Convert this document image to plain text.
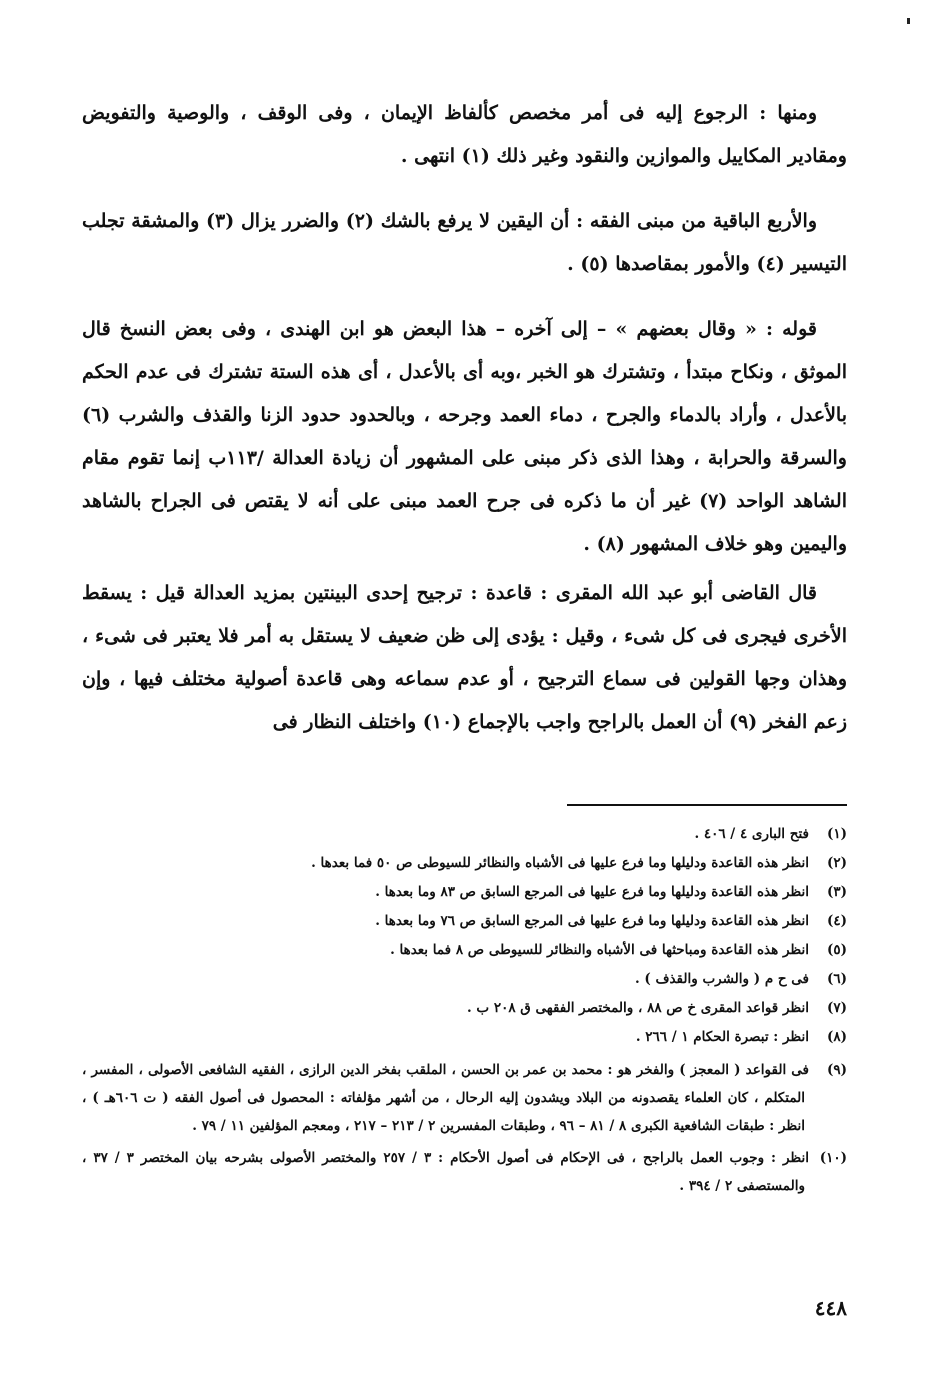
ومنها : الرجوع إليه فى أمر مخصص كألفاظ الإيمان ، وفى الوقف ، والوصية والتفويض ومقادير المكاييل والموازين والنقود وغير ذلك (١) انتهى .

والأربع الباقية من مبنى الفقه : أن اليقين لا يرفع بالشك (٢) والضرر يزال (٣) والمشقة تجلب التيسير (٤) والأمور بمقاصدها (٥) .

قوله : « وقال بعضهم » – إلى آخره – هذا البعض هو ابن الهندى ، وفى بعض النسخ قال الموثق ، ونكاح مبتدأ ، وتشترك هو الخبر ،وبه أى بالأعدل ، أى هذه الستة تشترك فى عدم الحكم بالأعدل ، وأراد بالدماء والجرح ، دماء العمد وجرحه ، وبالحدود حدود الزنا والقذف والشرب (٦) والسرقة والحرابة ، وهذا الذى ذكر مبنى على المشهور أن زيادة العدالة /١١٣ب إنما تقوم مقام الشاهد الواحد (٧) غير أن ما ذكره فى جرح العمد مبنى على أنه لا يقتص فى الجراح بالشاهد واليمين وهو خلاف المشهور (٨) .

قال القاضى أبو عبد الله المقرى : قاعدة : ترجيح إحدى البينتين بمزيد العدالة قيل : يسقط الأخرى فيجرى فى كل شىء ، وقيل : يؤدى إلى ظن ضعيف لا يستقل به أمر فلا يعتبر فى شىء ، وهذان وجها القولين فى سماع الترجيح ، أو عدم سماعه وهى قاعدة أصولية مختلف فيها ، وإن زعم الفخر (٩) أن العمل بالراجح واجب بالإجماع (١٠) واختلف النظار فى

(١)فتح البارى ٤ / ٤٠٦ .

(٢)انظر هذه القاعدة ودليلها وما فرع عليها فى الأشباه والنظائر للسيوطى ص ٥٠ فما بعدها .

(٣)انظر هذه القاعدة ودليلها وما فرع عليها فى المرجع السابق ص ٨٣ وما بعدها .

(٤)انظر هذه القاعدة ودليلها وما فرع عليها فى المرجع السابق ص ٧٦ وما بعدها .

(٥)انظر هذه القاعدة ومباحثها فى الأشباه والنظائر للسيوطى ص ٨ فما بعدها .

(٦)فى ح م ( والشرب والقذف ) .

(٧)انظر قواعد المقرى خ ص ٨٨ ، والمختصر الفقهى ق ٢٠٨ ب .

(٨)انظر : تبصرة الحكام ١ / ٢٦٦ .

(٩)فى القواعد ( المعجز ) والفخر هو : محمد بن عمر بن الحسن ، الملقب بفخر الدين الرازى ، الفقيه الشافعى الأصولى ، المفسر ، المتكلم ، كان العلماء يقصدونه من البلاد ويشدون إليه الرحال ، من أشهر مؤلفاته : المحصول فى أصول الفقه ( ت ٦٠٦هـ ) ، انظر : طبقات الشافعية الكبرى ٨ / ٨١ – ٩٦ ، وطبقات المفسرين ٢ / ٢١٣ – ٢١٧ ، ومعجم المؤلفين ١١ / ٧٩ .

(١٠)انظر : وجوب العمل بالراجح ، فى الإحكام فى أصول الأحكام : ٣ / ٢٥٧ والمختصر الأصولى بشرحه بيان المختصر ٣ / ٣٧ ، والمستصفى ٢ / ٣٩٤ .

٤٤٨
